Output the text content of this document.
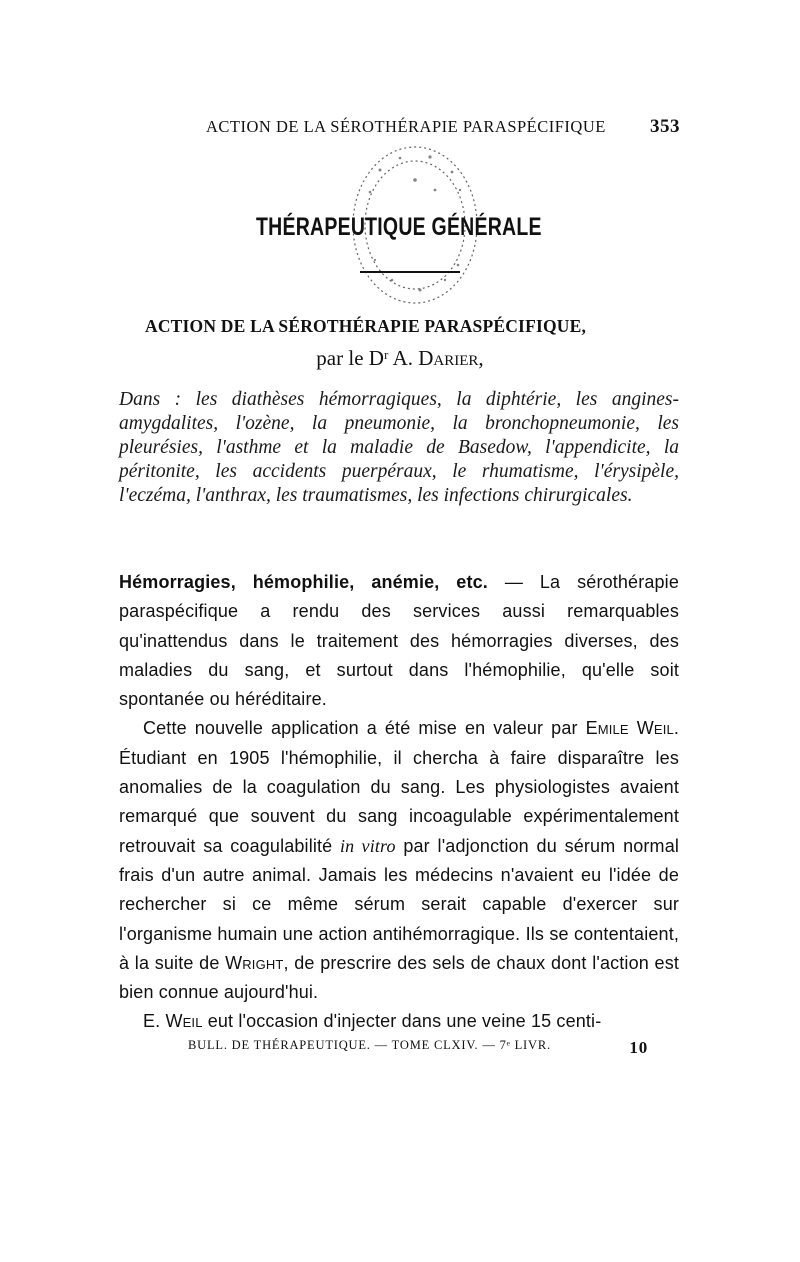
ACTION DE LA SÉROTHÉRAPIE PARASPÉCIFIQUE 353
THÉRAPEUTIQUE GÉNÉRALE
ACTION DE LA SÉROTHÉRAPIE PARASPÉCIFIQUE,
par le Dʳ A. Darier,

Dans : les diathèses hémorragiques, la diphtérie, les angines-amygdalites, l'ozène, la pneumonie, la bronchopneumonie, les pleurésies, l'asthme et la maladie de Basedow, l'appendicite, la péritonite, les accidents puerpéraux, le rhumatisme, l'érysipèle, l'eczéma, l'anthrax, les traumatismes, les infections chirurgicales.

Hémorragies, hémophilie, anémie, etc. — La sérothérapie paraspécifique a rendu des services aussi remarquables qu'inattendus dans le traitement des hémorragies diverses, des maladies du sang, et surtout dans l'hémophilie, qu'elle soit spontanée ou héréditaire.

Cette nouvelle application a été mise en valeur par Emile Weil. Étudiant en 1905 l'hémophilie, il chercha à faire disparaître les anomalies de la coagulation du sang. Les physiologistes avaient remarqué que souvent du sang incoagulable expérimentalement retrouvait sa coagulabilité in vitro par l'adjonction du sérum normal frais d'un autre animal. Jamais les médecins n'avaient eu l'idée de rechercher si ce même sérum serait capable d'exercer sur l'organisme humain une action antihémorragique. Ils se contentaient, à la suite de Wright, de prescrire des sels de chaux dont l'action est bien connue aujourd'hui.

E. Weil eut l'occasion d'injecter dans une veine 15 centi-

BULL. DE THÉRAPEUTIQUE. — TOME CLXIV. — 7ᵉ LIVR.	10
